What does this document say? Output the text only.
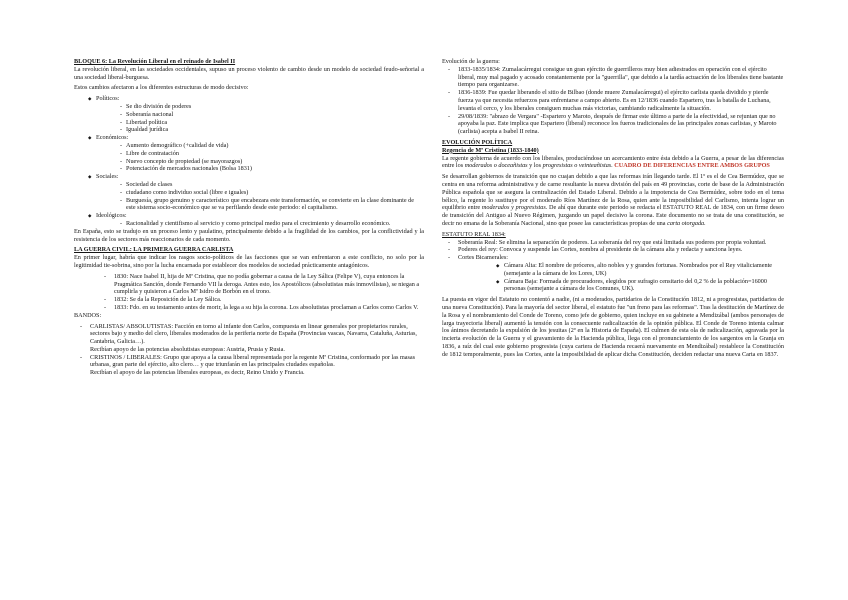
BLOQUE 6: La Revolución Liberal en el reinado de Isabel II

La revolución liberal, en las sociedades occidentales, supuso un proceso violento de cambio desde un modelo de sociedad feudo-señorial a una sociedad liberal-burguesa.

Estos cambios afectaron a los diferentes estructuras de modo decisivo:

◆ Políticos:
- Se dio división de poderes
- Soberanía nacional
- Libertad política
- Igualdad jurídica
◆ Económicos:
- Aumento demográfico (+calidad de vida)
- Libre de contratación
- Nuevo concepto de propiedad (se mayorazgos)
- Potenciación de mercados nacionales (Bolsa 1831)
◆ Sociales:
- Sociedad de clases
- ciudadano como individuo social (libre e iguales)
- Burguesía, grupo genuino y característico que encabezara este transformación, se convierte en la clase dominante de este sistema socio-económico que se va perfilando desde este periodo: el capitalismo.
◆ Ideológicos:
- Racionalidad y cientifismo al servicio y como principal medio para el crecimiento y desarrollo económico.

En España, esto se tradujo en un proceso lento y paulatino, principalmente debido a la fragilidad de los cambios, por la conflictividad y la resistencia de los sectores más reaccionarios de cada momento.

LA GUERRA CIVIL: LA PRIMERA GUERRA CARLISTA

En primer lugar, habría que indicar los rasgos socio-políticos de las facciones que se van enfrentaron a este conflicto, no solo por la legitimidad tie-sobrina, sino por la lucha encarnada por establecer dos modelos de sociedad prácticamente antagónicos.

- 1830: Nace Isabel II, hija de Mª Cristina, que no podía gobernar a causa de la Ley Sálica (Felipe V), cuya entonces la Pragmática Sanción, donde Fernando VII la deroga. Antes esto, los Apostólicos (absolutistas más inmovilistas), se niegan a cumplirla y quisieron a Carlos Mª Isidro de Borbón en el trono.
- 1832: Se da la Reposición de la Ley Sálica.
- 1833: Fdo. en su testamento antes de morir, la lega a su hija la corona. Los absolutistas proclaman a Carlos como Carlos V.

BANDOS:

- CARLISTAS/ ABSOLUTISTAS: Facción en torno al infante don Carlos, compuesta en linear generales por propietarios rurales, sectores bajo y medio del clero, liberales moderados de la periferia norte de España (Provincias vascas, Navarra, Cataluña, Asturias, Cantabria, Galicia…).
Recibían apoyo de las potencias absolutistas europeas: Austria, Prusia y Rusia.
- CRISTINOS / LIBERALES: Grupo que apoya a la causa liberal representada por la regente Mª Cristina, conformado por las masas urbanas, gran parte del ejército, alto clero… y que triunfarán en las principales ciudades españolas.
Recibían el apoyo de las potencias liberales europeas, es decir, Reino Unido y Francia.

Evolución de la guerra:

- 1833-1835/1834: Zumalacárregui consigue un gran ejército de guerrilleros muy bien adiestrados en operación con el ejército liberal, muy mal pagado y acosado constantemente por la "guerrilla", que debido a la tardía actuación de los liberales tiene bastante tiempo para organizarse.
- 1836-1839: Fue quedar liberando el sitio de Bilbao (donde muere Zumalacárregui) el ejército carlista queda dividido y pierde fuerza ya que necesita refuerzos para enfrentarse a campo abierto. Es en 12/1836 cuando Espartero, tras la batalla de Luchana, levanta el cerco, y los liberales consiguen muchas más victorias, cambiando radicalmente la situación.
- 29/08/1839: "abrazo de Vergara" -Espartero y Maroto, después de firmar este último a parte de la efectividad, se rejuntan que no apoyaba la paz. Este implica que Espartero (liberal) reconoce los fueros tradicionales de las principales zonas carlistas, y Maroto (carlista) acepta a Isabel II reina.

EVOLUCIÓN POLÍTICA

Regencia de Mª Cristina (1833-1840)

La regente gobierna de acuerdo con los liberales, produciéndose un acercamiento entre ésta debido a la Guerra, a pesar de las diferencias entre los moderados o doceañistas y los progresistas o veinteañistas. CUADRO DE DIFERENCIAS ENTRE AMBOS GRUPOS

Se desarrollan gobiernos de transición que no cuajan debido a que las reformas irán llegando tarde. El 1º es el de Cea Bermúdez, que se centra en una reforma administrativa y de carne resultante la nueva división del país en 49 provincias, corte de base de la Administración Pública española que se asegura la centralización del Estado Liberal. Debido a la impotencia de Cea Bermúdez, sobre todo en el tema bélico, la regente lo sustituye por el moderado Ríos Martínez de la Rosa, quien ante la imposibilidad del Carlismo, intenta lograr un equilibrio entre moderados y progresistas. De ahí que durante este periodo se redacta el ESTATUTO REAL de 1834, con un firme deseo de transición del Antiguo al Nuevo Régimen, juzgando un papel decisivo la corona. Este documento no se trata de una constitución, se decir no emana de la Soberanía Nacional, sino que posee las características propias de una carta otorgada.

ESTATUTO REAL 1834:

- Soberanía Real: Se elimina la separación de poderes. La soberanía del rey que está limitada sus poderes por propia voluntad.
- Poderes del rey: Convoca y suspende las Cortes, nombra al presidente de la cámara alta y redacta y sanciona leyes.
- Cortes Bicamerales:
◆ Cámara Alta: El nombre de próceres, alto nobles y y grandes fortunas. Nombrados por el Rey vitaliciamente (semejante a la cámara de los Lores, UK)
◆ Cámara Baja: Formada de procuradores, elegidos por sufragio censitario del 0,2 % de la población=16000 personas (semejante a cámara de los Comunes, UK).

La puesta en vigor del Estatuto no contentó a nadie, (ni a moderados, partidarios de la Constitución 1812, ni a progresistas, partidarios de una nueva Constitución). Para la mayoría del sector liberal, el estatuto fue "un freno para las reformas". Tras la destitución de Martínez de la Rosa y el nombramiento del Conde de Toreno, como jefe de gobierno, quien incluye en su gabinete a Mendizábal (ambos personajes de larga trayectoria liberal) aumentó la tensión con la consecuente radicalización de la opinión pública. El Conde de Toreno intenta calmar los ánimos decretando la expulsión de los jesuitas (2º en la Historia de España). El culmen de esta ola de radicalización, agravada por la incierta evolución de la Guerra y el gravamiento de la Hacienda pública, llega con el pronunciamiento de los sargentos en la Granja en 1836, a raíz del cual este gobierno progresista (cuya cartera de Hacienda recaerá nuevamente en Mendizábal) restablece la Constitución de 1812 temporalmente, pues las Cortes, ante la imposibilidad de aplicar dicha Constitución, deciden redactar una nueva Carta en 1837.
